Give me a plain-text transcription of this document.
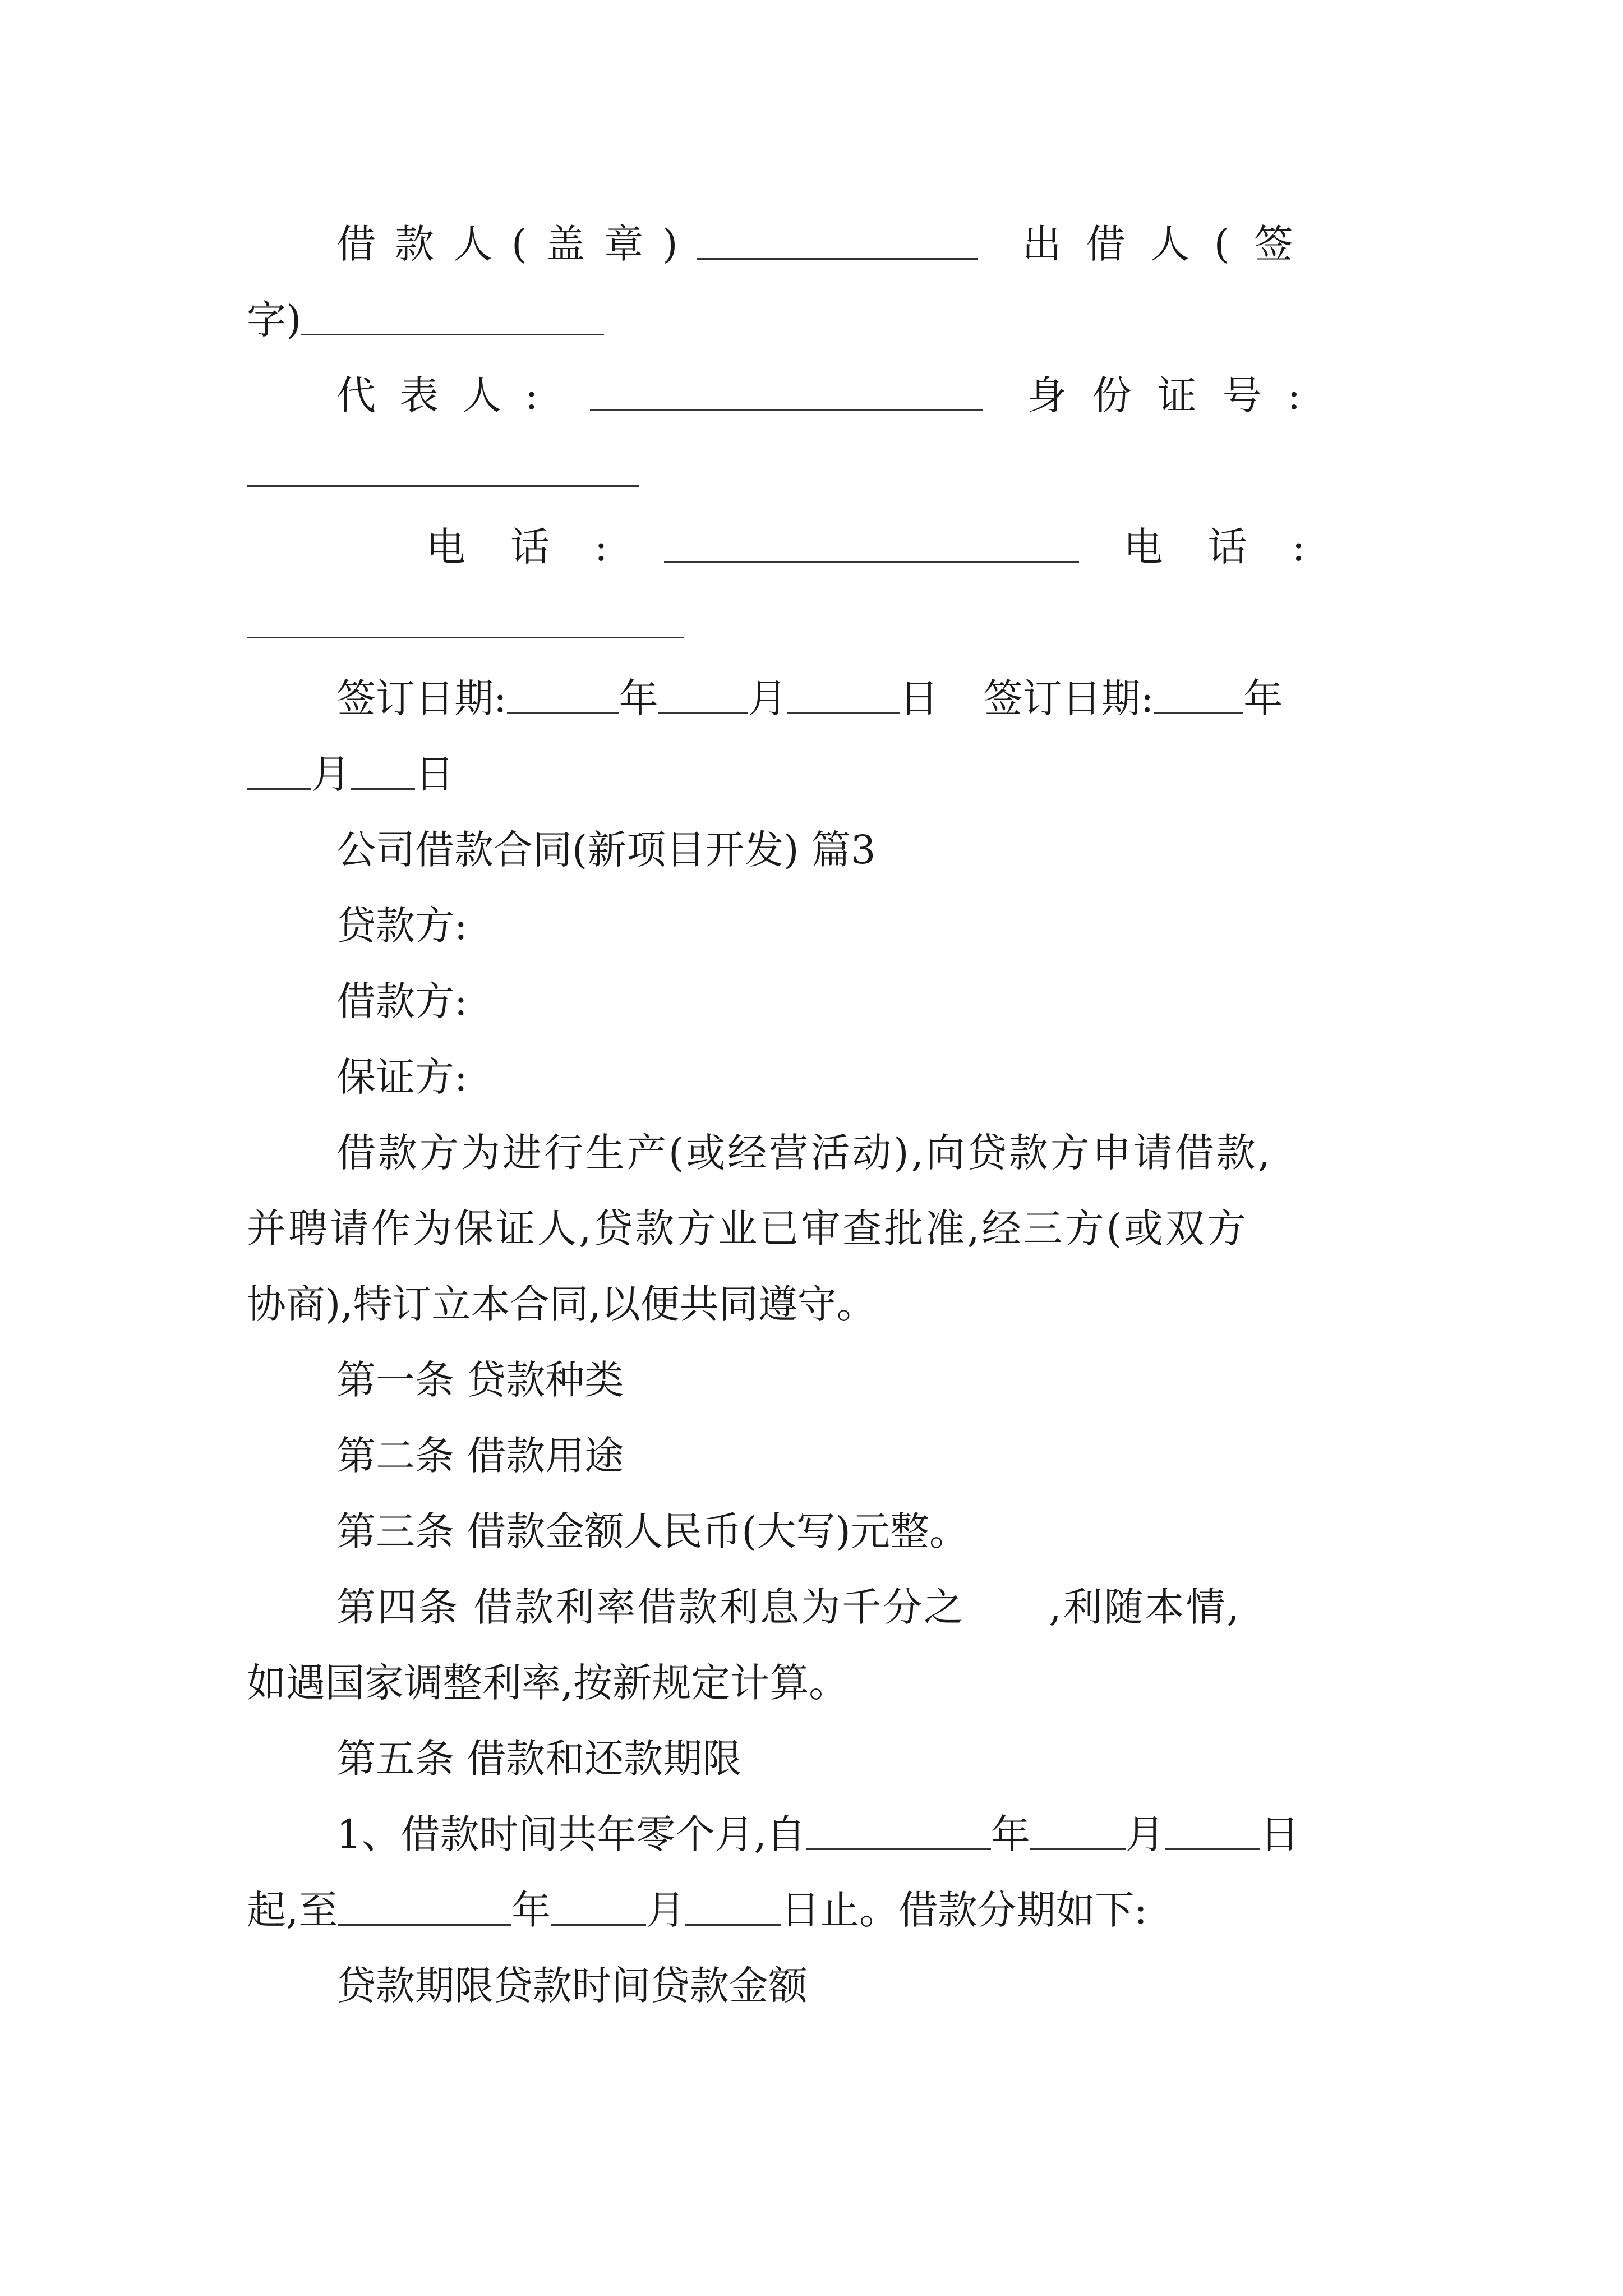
借款人(盖章)	出借人(签
字)
代表人:	身份证号:
电话:	电话:
签订日期:	年 月	日 签订日期: 年
月 日
公司借款合同(新项目开发) 篇3
贷款方:
借款方:
保证方:
借款方为进行生产(或经营活动),向贷款方申请借款,
并聘请作为保证人,贷款方业已审查批准,经三方(或双方
协商),特订立本合同,以便共同遵守。
第一条 贷款种类
第二条 借款用途
第三条 借款金额人民币(大写)元整。
第四条 借款利率借款利息为千分之 ,利随本情,
如遇国家调整利率,按新规定计算。
第五条 借款和还款期限
1、借款时间共年零个月,自	年 月 日
起,至	年 月 日止。借款分期如下:
贷款期限贷款时间贷款金额
